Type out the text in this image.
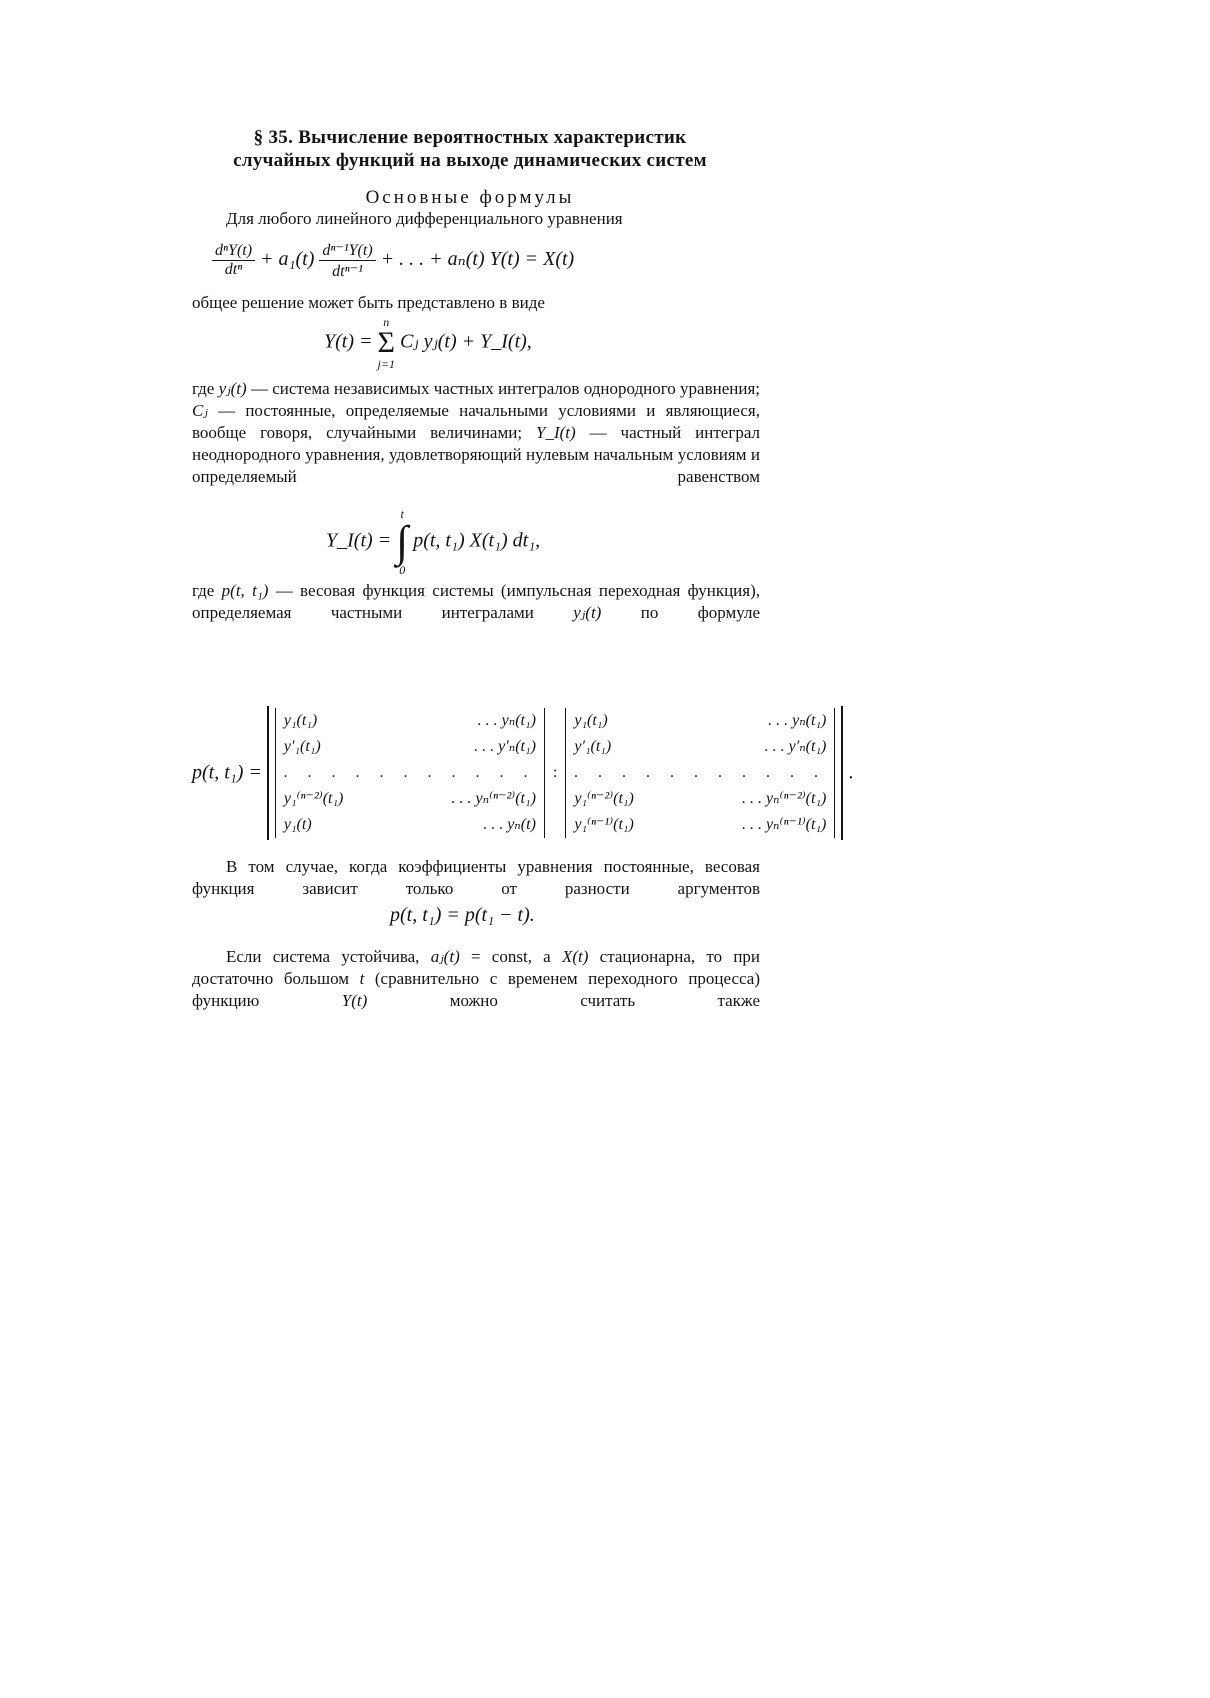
§ 35. Вычисление вероятностных характеристик
случайных функций на выходе динамических систем
Основные формулы
Для любого линейного дифференциального уравнения
$\frac{\text{dⁿY(t)}}{\text{dtⁿ}} + a_1(t) \frac{\text{dⁿ⁻¹Y(t)}}{\text{dtⁿ⁻¹}}$ + . . . + aₙ(t) Y(t) = X(t)
общее решение может быть представлено в виде
Y(t) =
n
Σ
j=1
Cⱼ yⱼ(t) + Y_I(t),
где yⱼ(t) — система независимых частных интегралов однородного уравнения; Cⱼ — постоянные, определяемые начальными условиями и являющиеся, вообще говоря, случайными величинами; Y_I(t) — частный интеграл неоднородного уравнения, удовлетворяющий нулевым начальным условиям и определяемый равенством
Y_I(t) =
t
∫
0
p(t, t₁) X(t₁) dt₁,
где p(t, t₁) — весовая функция системы (импульсная переходная функция), определяемая частными интегралами yⱼ(t) по формуле
p(t, t₁) =
y₁(t₁)	. . . yₙ(t₁)
y′₁(t₁)	. . . y′ₙ(t₁)
. . . . . . . . . . .
y₁⁽ⁿ⁻²⁾(t₁)	. . . yₙ⁽ⁿ⁻²⁾(t₁)
y₁(t)	. . . yₙ(t)
:
y₁(t₁)	. . . yₙ(t₁)
y′₁(t₁)	. . . y′ₙ(t₁)
. . . . . . . . . . .
y₁⁽ⁿ⁻²⁾(t₁)	. . . yₙ⁽ⁿ⁻²⁾(t₁)
y₁⁽ⁿ⁻¹⁾(t₁)	. . . yₙ⁽ⁿ⁻¹⁾(t₁)
.
В том случае, когда коэффициенты уравнения постоянные, весовая функция зависит только от разности аргументов
p(t, t₁) = p(t₁ − t).
Если система устойчива, aⱼ(t) = const, а X(t) стационарна, то при достаточно большом t (сравнительно с временем переходного процесса) функцию	Y(t)	можно считать также
